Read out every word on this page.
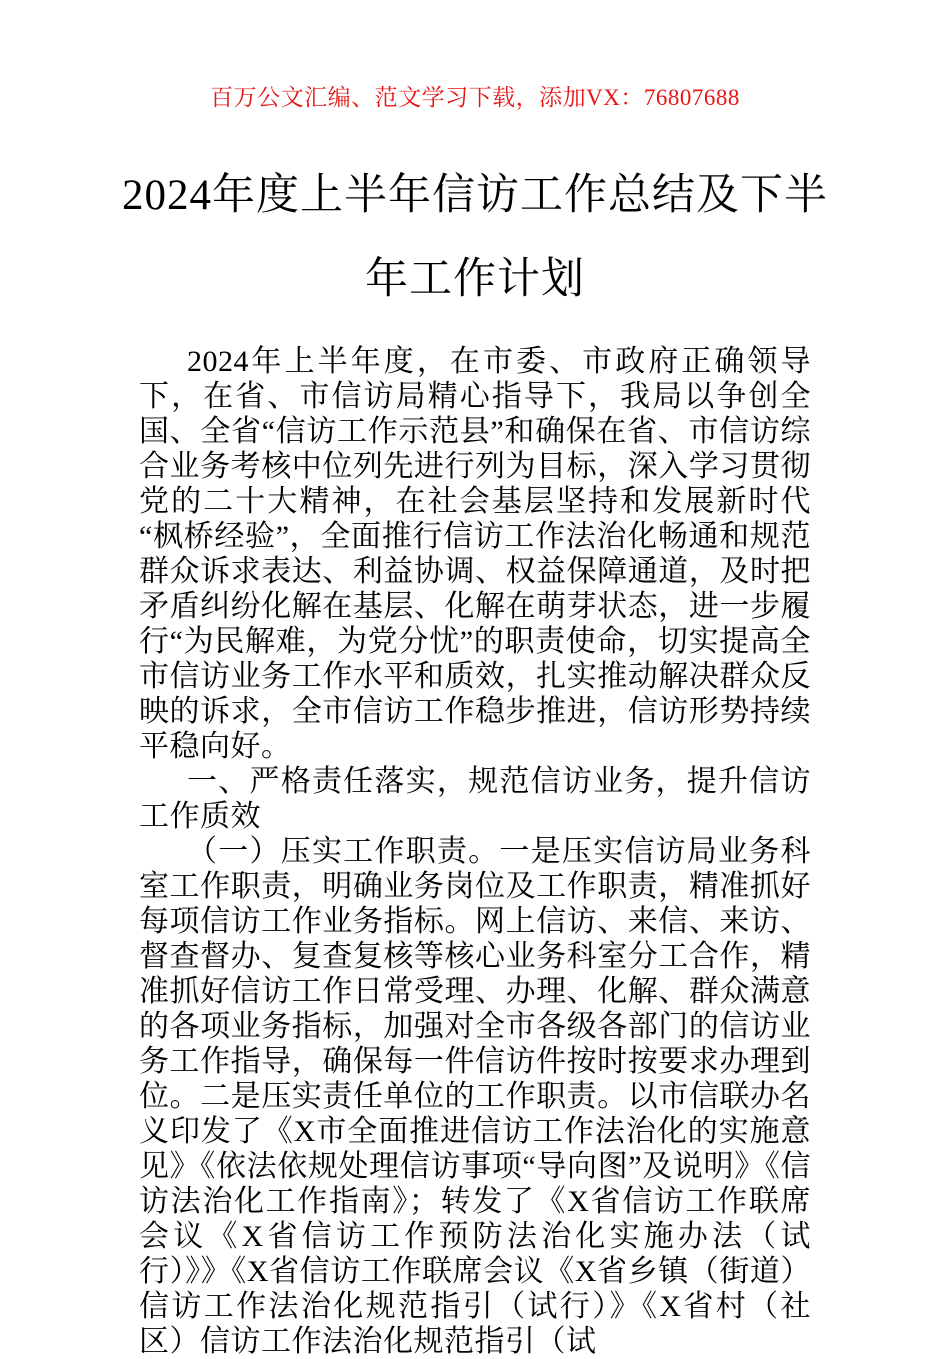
百万公文汇编、范文学习下载，添加VX：76807688
2024年度上半年信访工作总结及下半年工作计划

2024年上半年度，在市委、市政府正确领导下，在省、市信访局精心指导下，我局以争创全国、全省“信访工作示范县”和确保在省、市信访综合业务考核中位列先进行列为目标，深入学习贯彻党的二十大精神，在社会基层坚持和发展新时代“枫桥经验”，全面推行信访工作法治化畅通和规范群众诉求表达、利益协调、权益保障通道，及时把矛盾纠纷化解在基层、化解在萌芽状态，进一步履行“为民解难，为党分忧”的职责使命，切实提高全市信访业务工作水平和质效，扎实推动解决群众反映的诉求，全市信访工作稳步推进，信访形势持续平稳向好。

一、严格责任落实，规范信访业务，提升信访工作质效

（一）压实工作职责。一是压实信访局业务科室工作职责，明确业务岗位及工作职责，精准抓好每项信访工作业务指标。网上信访、来信、来访、督查督办、复查复核等核心业务科室分工合作，精准抓好信访工作日常受理、办理、化解、群众满意的各项业务指标，加强对全市各级各部门的信访业务工作指导，确保每一件信访件按时按要求办理到位。二是压实责任单位的工作职责。以市信联办名义印发了《X市全面推进信访工作法治化的实施意见》《依法依规处理信访事项“导向图”及说明》《信访法治化工作指南》；转发了《X省信访工作联席会议《X省信访工作预防法治化实施办法（试行）》》《X省信访工作联席会议《X省乡镇（街道）信访工作法治化规范指引（试行）》《X省村（社区）信访工作法治化规范指引（试
